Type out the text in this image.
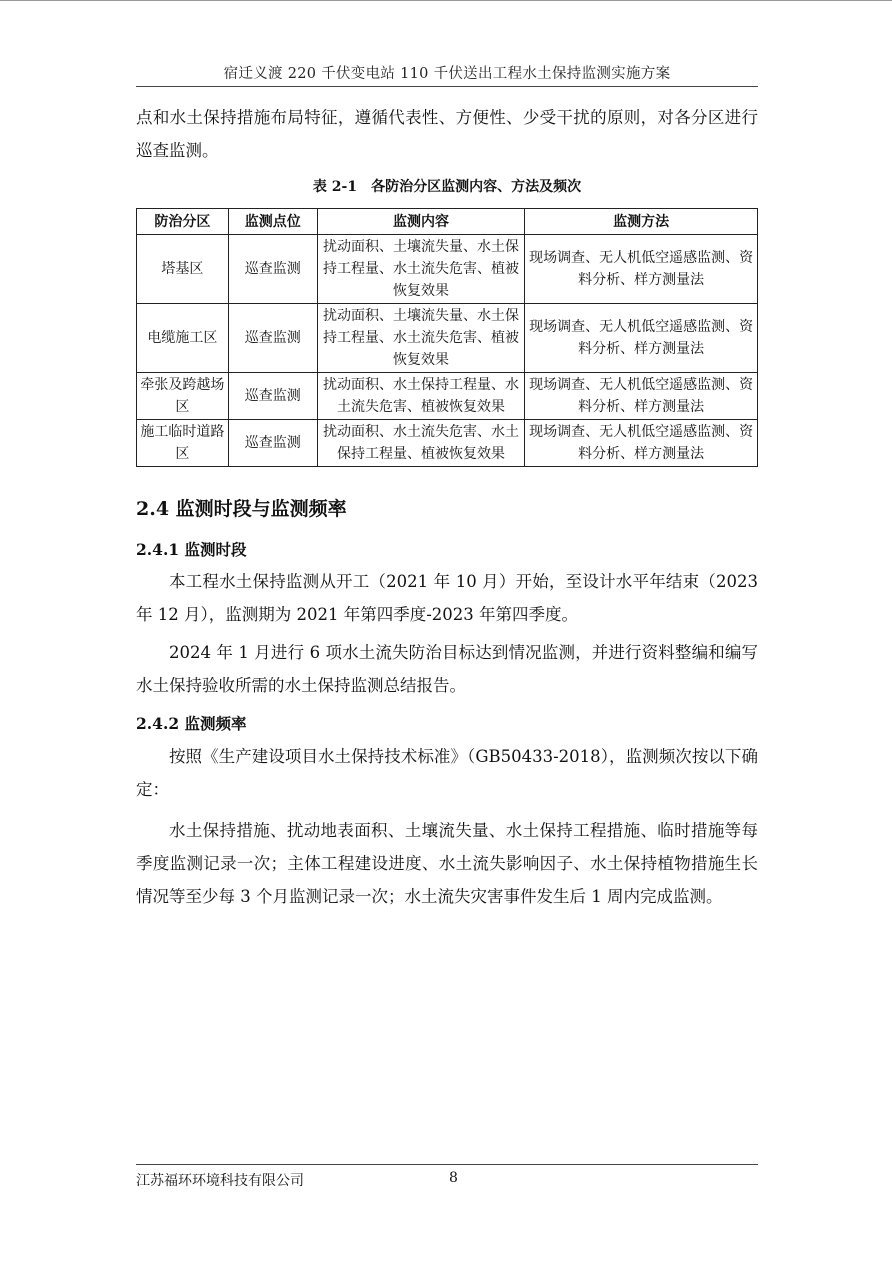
宿迁义渡 220 千伏变电站 110 千伏送出工程水土保持监测实施方案

点和水土保持措施布局特征，遵循代表性、方便性、少受干扰的原则，对各分区进行巡查监测。

表 2-1　各防治分区监测内容、方法及频次
防治分区	监测点位	监测内容	监测方法
塔基区	巡查监测	扰动面积、土壤流失量、水土保持工程量、水土流失危害、植被恢复效果	现场调查、无人机低空遥感监测、资料分析、样方测量法
电缆施工区	巡查监测	扰动面积、土壤流失量、水土保持工程量、水土流失危害、植被恢复效果	现场调查、无人机低空遥感监测、资料分析、样方测量法
牵张及跨越场区	巡查监测	扰动面积、水土保持工程量、水土流失危害、植被恢复效果	现场调查、无人机低空遥感监测、资料分析、样方测量法
施工临时道路区	巡查监测	扰动面积、水土流失危害、水土保持工程量、植被恢复效果	现场调查、无人机低空遥感监测、资料分析、样方测量法
2.4 监测时段与监测频率
2.4.1 监测时段

本工程水土保持监测从开工（2021 年 10 月）开始，至设计水平年结束（2023 年 12 月），监测期为 2021 年第四季度-2023 年第四季度。

2024 年 1 月进行 6 项水土流失防治目标达到情况监测，并进行资料整编和编写水土保持验收所需的水土保持监测总结报告。

2.4.2 监测频率

按照《生产建设项目水土保持技术标准》（GB50433-2018），监测频次按以下确定：

水土保持措施、扰动地表面积、土壤流失量、水土保持工程措施、临时措施等每季度监测记录一次；主体工程建设进度、水土流失影响因子、水土保持植物措施生长情况等至少每 3 个月监测记录一次；水土流失灾害事件发生后 1 周内完成监测。

江苏福环环境科技有限公司	8
